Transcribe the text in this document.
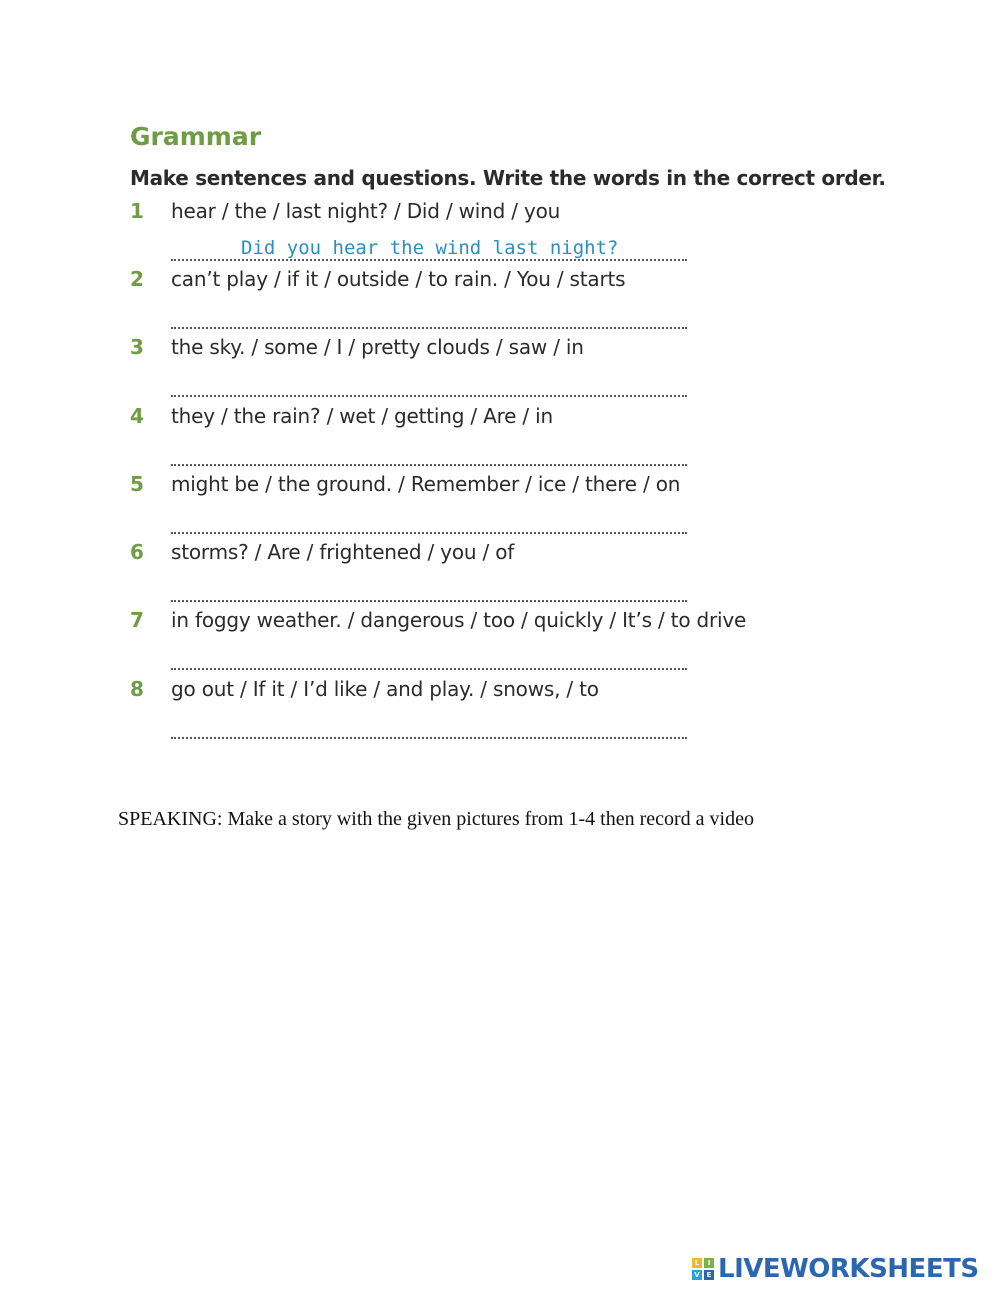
Grammar
Make sentences and questions. Write the words in the correct order.
1 hear / the / last night? / Did / wind / you
Did you hear the wind last night?
2 can’t play / if it / outside / to rain. / You / starts
3 the sky. / some / I / pretty clouds / saw / in
4 they / the rain? / wet / getting / Are / in
5 might be / the ground. / Remember / ice / there / on
6 storms? / Are / frightened / you / of
7 in foggy weather. / dangerous / too / quickly / It’s / to drive
8 go out / If it / I’d like / and play. / snows, / to
SPEAKING: Make a story with the given pictures from 1-4 then record a video
L	I
V E LIVEWORKSHEETS
